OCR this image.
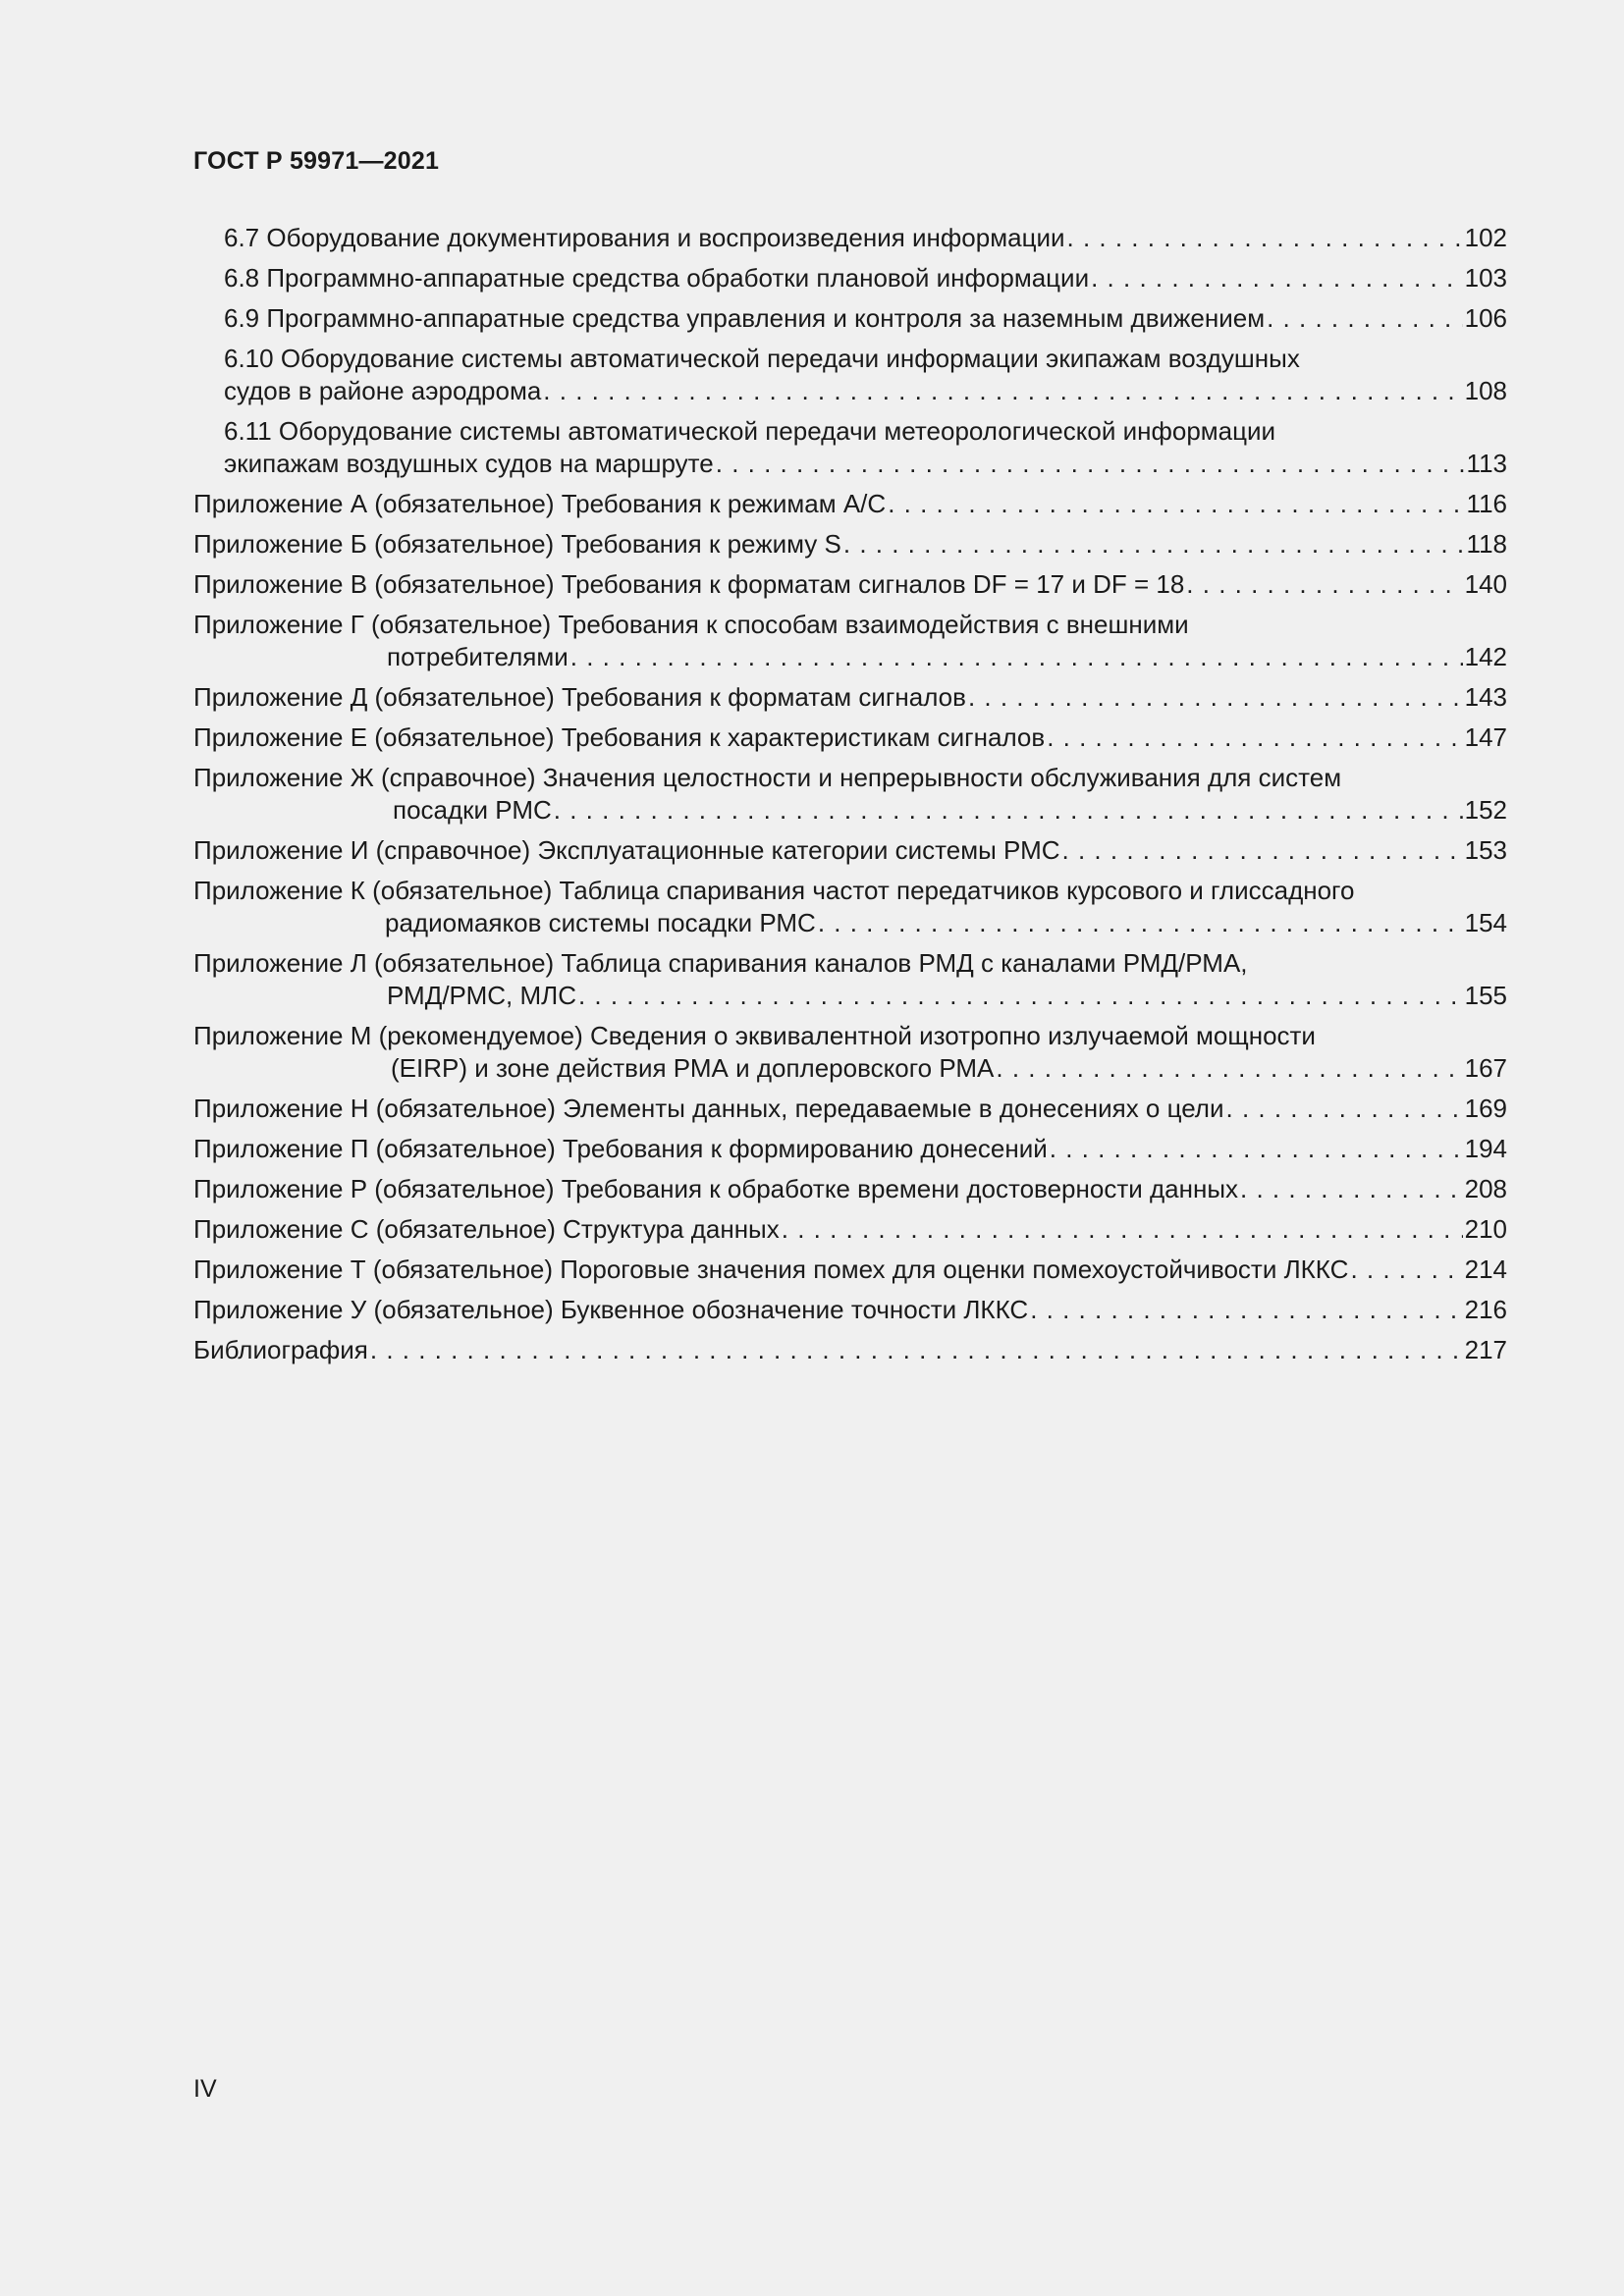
ГОСТ Р 59971—2021
6.7 Оборудование документирования и воспроизведения информации . . .	102
6.8 Программно-аппаратные средства обработки плановой информации . . .	103
6.9 Программно-аппаратные средства управления и контроля за наземным движением . . .	106
6.10 Оборудование системы автоматической передачи информации экипажам воздушных
судов в районе аэродрома . . .	108
6.11 Оборудование системы автоматической передачи метеорологической информации
экипажам воздушных судов на маршруте . . .	113
Приложение А (обязательное) Требования к режимам A/C . . .	116
Приложение Б (обязательное) Требования к режиму S . . .	118
Приложение В (обязательное) Требования к форматам сигналов DF = 17 и DF = 18 . . .	140
Приложение Г (обязательное) Требования к способам взаимодействия с внешними
потребителями . . .	142
Приложение Д (обязательное) Требования к форматам сигналов . . .	143
Приложение Е (обязательное) Требования к характеристикам сигналов . . .	147
Приложение Ж (справочное) Значения целостности и непрерывности обслуживания для систем
посадки РМС . . .	152
Приложение И (справочное) Эксплуатационные категории системы РМС . . .	153
Приложение К (обязательное) Таблица спаривания частот передатчиков курсового и глиссадного
радиомаяков системы посадки РМС . . .	154
Приложение Л (обязательное) Таблица спаривания каналов РМД с каналами РМД/РМА,
РМД/РМС, МЛС . . .	155
Приложение М (рекомендуемое) Сведения о эквивалентной изотропно излучаемой мощности
(EIRP) и зоне действия РМА и доплеровского РМА . . .	167
Приложение Н (обязательное) Элементы данных, передаваемые в донесениях о цели . . .	169
Приложение П (обязательное) Требования к формированию донесений . . .	194
Приложение Р (обязательное) Требования к обработке времени достоверности данных . . .	208
Приложение С (обязательное) Структура данных . . .	210
Приложение Т (обязательное) Пороговые значения помех для оценки помехоустойчивости ЛККС . . .	214
Приложение У (обязательное) Буквенное обозначение точности ЛККС . . .	216
Библиография . . .	217
IV
